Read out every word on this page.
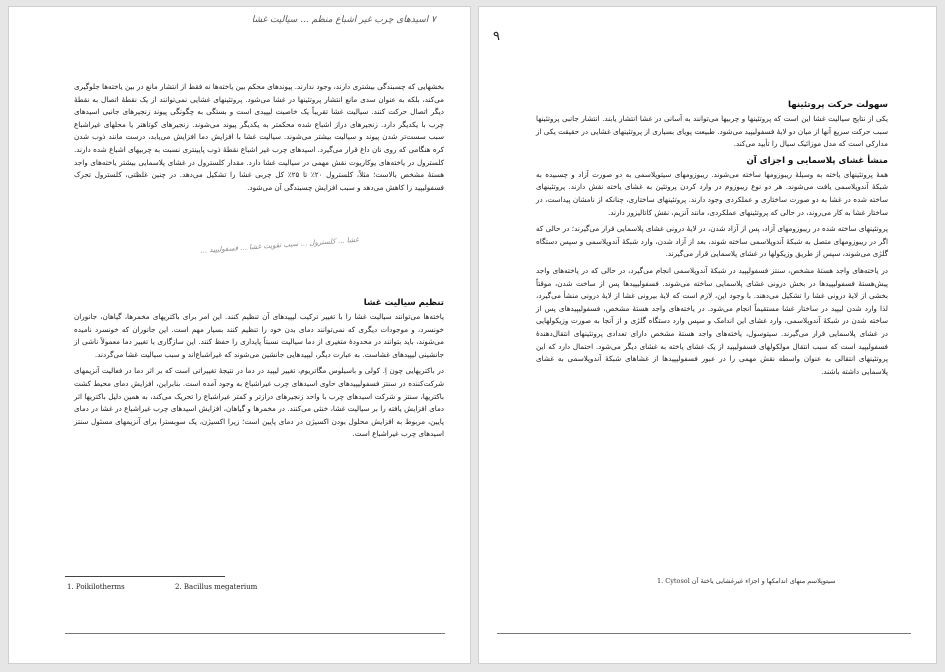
۷ اسیدهای چرب غیر اشباع منظم ... سیالیت غشا

بخشهایی که چسبندگی بیشتری دارند، وجود ندارند. پیوندهای محکم بین یاخته‌ها نه فقط از انتشار مانع در بین یاخته‌ها جلوگیری می‌کند، بلکه به عنوان سدی مانع انتشار پروتئینها در غشا می‌شود. پروتئینهای غشایی نمی‌توانند از یک نقطهٔ اتصال به نقطهٔ دیگر اتصال حرکت کنند. سیالیت غشا تقریباً یک خاصیت لیپیدی است و بستگی به چگونگی پیوند زنجیرهای جانبی اسیدهای چرب با یکدیگر دارد. زنجیرهای دراز اشباع شده محکمتر به یکدیگر پیوند می‌شوند. زنجیرهای کوتاهتر یا محلهای غیراشباع سبب سست‌تر شدن پیوند و سیالیت بیشتر می‌شوند. سیالیت غشا با افزایش دما افزایش می‌یابد، درست مانند ذوب شدن کره هنگامی که روی نان داغ قرار می‌گیرد. اسیدهای چرب غیر اشباع نقطهٔ ذوب پایینتری نسبت به چربیهای اشباع شده دارند. کلسترول در یاخته‌های یوکاریوت نقش مهمی در سیالیت غشا دارد. مقدار کلسترول در غشای پلاسمایی بیشتر یاخته‌های واجد هستهٔ مشخص بالاست؛ مثلاً، کلسترول ۲۰٪ تا ۲۵٪ کل چربی غشا را تشکیل می‌دهد. در چنین غلظتی، کلسترول تحرک فسفولیپید را کاهش می‌دهد و سبب افزایش چسبندگی آن می‌شود.

غشا ... کلسترول ... سبب تقویت غشا ... فسفولیپید ...
تنظیم سیالیت غشا

یاخته‌ها می‌توانند سیالیت غشا را با تغییر ترکیب لیپیدهای آن تنظیم کنند. این امر برای باکتریهای مخمرها، گیاهان، جانوران خونسرد، و موجودات دیگری که نمی‌توانند دمای بدن خود را تنظیم کنند بسیار مهم است. این جانوران که خونسرد نامیده می‌شوند، باید بتوانند در محدودهٔ متغیری از دما سیالیت نسبتاً پایداری را حفظ کنند. این سازگاری با تغییر دما معمولاً ناشی از جانشینی لیپیدهای غشاست. به عبارت دیگر، لیپیدهایی جانشین می‌شوند که غیراشباع‌اند و سبب سیالیت غشا می‌گردند.

در باکتریهایی چون اِ. کولی و باسیلوس مگاتریوم، تغییر لیپید در دما در نتیجهٔ تغییراتی است که بر اثر دما در فعالیت آنزیمهای شرکت‌کننده در سنتز فسفولیپیدهای حاوی اسیدهای چرب غیراشباع به وجود آمده است. بنابراین، افزایش دمای محیط کشت باکتریها، سنتز و شرکت اسیدهای چرب با واحد زنجیرهای درازتر و کمتر غیراشباع را تحریک می‌کند، به همین دلیل باکتریها اثر دمای افزایش یافته را بر سیالیت غشا، خنثی می‌کنند. در مخمرها و گیاهان، افزایش اسیدهای چرب غیراشباع در غشا در دمای پایین، مربوط به افزایش محلول بودن اکسیژن در دمای پایین است؛ زیرا اکسیژن، یک سوبسترا برای آنزیمهای مسئول سنتز اسیدهای چرب غیراشباع است.

1. Poikilotherms	2. Bacillus megaterium
۹
سهولت حرکت پروتئینها

یکی از نتایج سیالیت غشا این است که پروتئینها و چربیها می‌توانند به آسانی در غشا انتشار یابند. انتشار جانبی پروتئینها سبب حرکت سریع آنها از میان دو لایهٔ فسفولیپید می‌شود. طبیعت پویای بسیاری از پروتئینهای غشایی در حقیقت یکی از مدارکی است که مدل موزائیک سیال را تأیید می‌کند.

منشأ غشای پلاسمایی و اجزای آن

همهٔ پروتئینهای یاخته به وسیلهٔ ریبوزومها ساخته می‌شوند. ریبوزومهای سیتوپلاسمی به دو صورت آزاد و چسبیده به شبکهٔ آندوپلاسمی یافت می‌شوند. هر دو نوع ریبوزوم در وارد کردن پروتئین به غشای یاخته نقش دارند. پروتئینهای ساخته شده در غشا به دو صورت ساختاری و عملکردی وجود دارند. پروتئینهای ساختاری، چنانکه از نامشان پیداست، در ساختار غشا به کار می‌روند، در حالی که پروتئینهای عملکردی، مانند آنزیم، نقش کاتالیزور دارند.

پروتئینهای ساخته شده در ریبوزومهای آزاد، پس از آزاد شدن، در لایهٔ درونی غشای پلاسمایی قرار می‌گیرند؛ در حالی که اگر در ریبوزومهای متصل به شبکهٔ آندوپلاسمی ساخته شوند، بعد از آزاد شدن، وارد شبکهٔ آندوپلاسمی و سپس دستگاه گلژی می‌شوند، سپس از طریق وزیکولها در غشای پلاسمایی قرار می‌گیرند.

در یاخته‌های واجد هستهٔ مشخص، سنتز فسفولیپید در شبکهٔ آندوپلاسمی انجام می‌گیرد، در حالی که در یاخته‌های واجد پیش‌هستهٔ فسفولیپیدها در بخش درونی غشای پلاسمایی ساخته می‌شوند. فسفولیپیدها پس از ساخت شدن، موقتاً بخشی از لایهٔ درونی غشا را تشکیل می‌دهند. با وجود این، لازم است که لایهٔ بیرونی غشا از لایهٔ درونی منشأ می‌گیرد، لذا وارد شدن لیپید در ساختار غشا مستقیماً انجام می‌شود. در یاخته‌های واجد هستهٔ مشخص، فسفولیپیدهای پس از ساخته شدن در شبکهٔ آندوپلاسمی، وارد غشای این اندامک و سپس وارد دستگاه گلژی و از آنجا به صورت وزیکولهایی در غشای پلاسمایی قرار می‌گیرند. سیتوسول، یاخته‌های واجد هستهٔ مشخص دارای تعدادی پروتئینهای انتقال‌دهندهٔ فسفولیپید است که سبب انتقال مولکولهای فسفولیپید از یک غشای یاخته به غشای دیگر می‌شود. احتمال دارد که این پروتئینهای انتقالی به عنوان واسطه نقش مهمی را در عبور فسفولیپیدها از غشاهای شبکهٔ آندوپلاسمی به غشای پلاسمایی داشته باشند.

1. Cytosol سیتوپلاسم منهای اندامکها و اجزاء غیرغشایی یاختهٔ آن
